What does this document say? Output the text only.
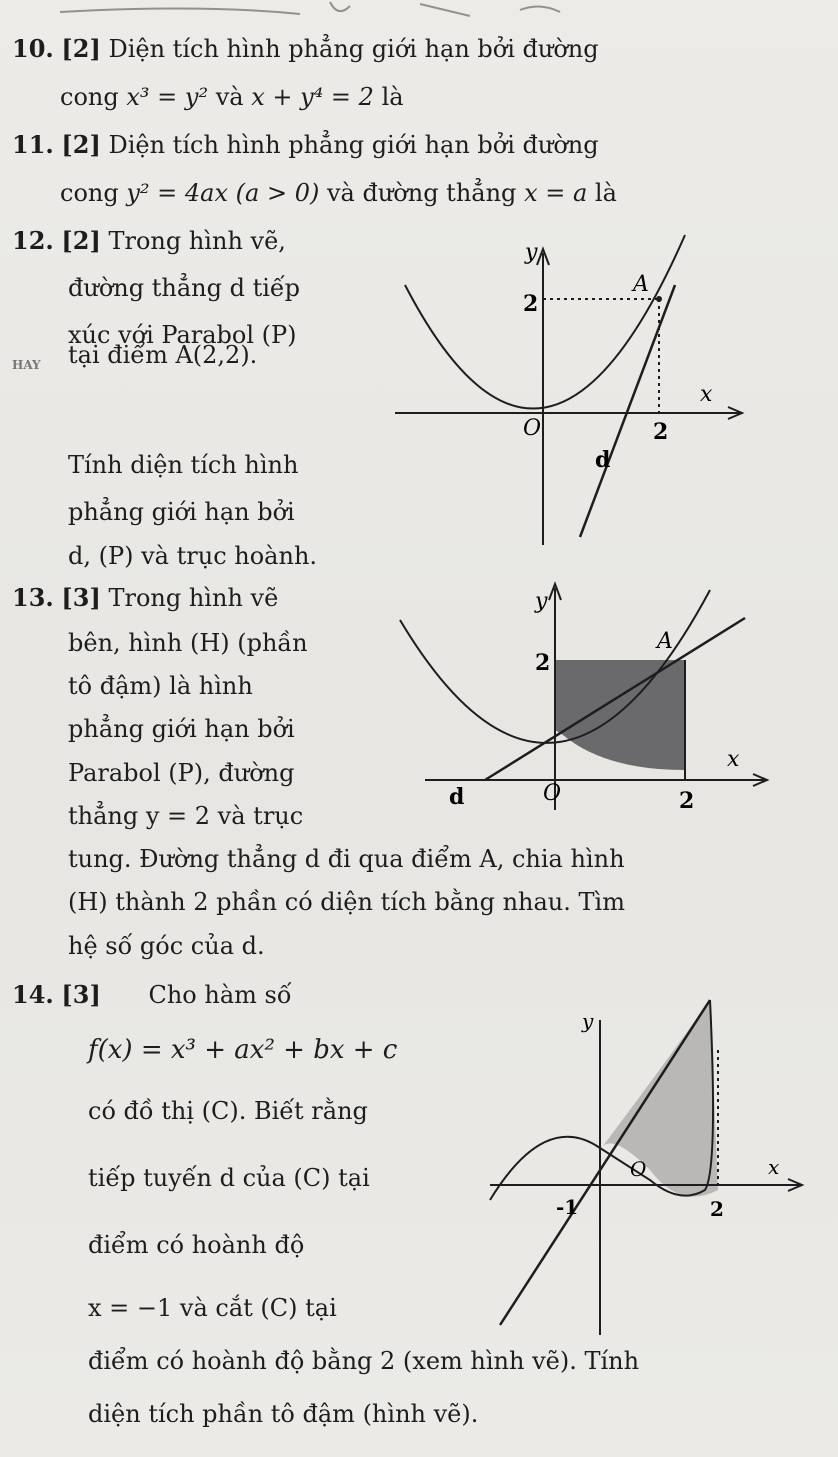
10. [2] Diện tích hình phẳng giới hạn bởi đường
cong x³ = y² và x + y⁴ = 2 là
11. [2] Diện tích hình phẳng giới hạn bởi đường
cong y² = 4ax (a > 0) và đường thẳng x = a là
12. [2] Trong hình vẽ,
đường thẳng d tiếp
xúc với Parabol (P)
HAY tại điểm A(2,2).
Tính diện tích hình
phẳng giới hạn bởi
d, (P) và trục hoành.
y
2
A
x
O	2
d
13. [3] Trong hình vẽ
bên, hình (H) (phần
tô đậm) là hình
phẳng giới hạn bởi
Parabol (P), đường
thẳng y = 2 và trục
tung. Đường thẳng d đi qua điểm A, chia hình
(H) thành 2 phần có diện tích bằng nhau. Tìm
hệ số góc của d.
y
2
A
x
d	O	2
14. [3] Cho hàm số
f(x) = x³ + ax² + bx + c
có đồ thị (C). Biết rằng
tiếp tuyến d của (C) tại
điểm có hoành độ
x = −1 và cắt (C) tại
điểm có hoành độ bằng 2 (xem hình vẽ). Tính
diện tích phần tô đậm (hình vẽ).
y
O	x
-1	2
